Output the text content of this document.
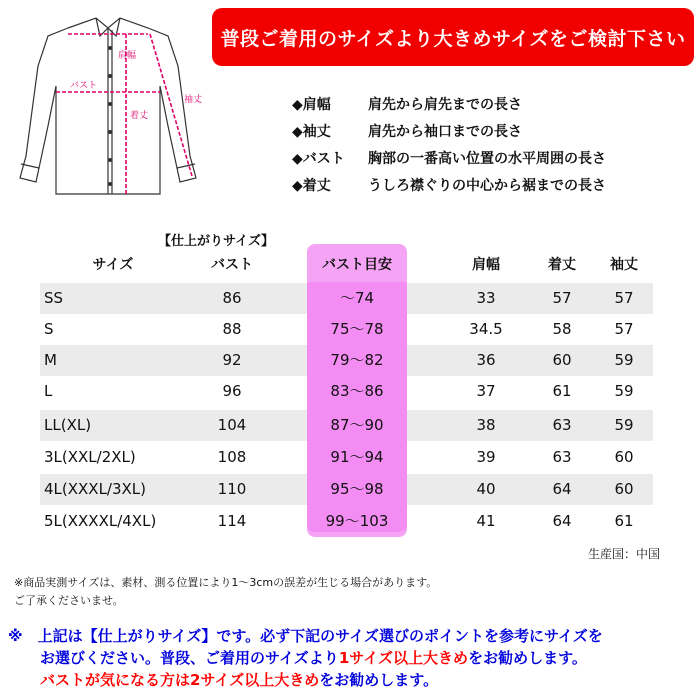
普段ご着用のサイズより大きめサイズをご検討下さい
肩幅
バスト
着丈
袖丈	◆肩幅	肩先から肩先までの長さ
◆袖丈	肩先から袖口までの長さ
◆バスト	胸部の一番高い位置の水平周囲の長さ
◆着丈	うしろ襟ぐりの中心から裾までの長さ
【仕上がりサイズ】
サイズ	バスト	バスト目安	肩幅	着丈	袖丈
SS	86	～74	33	57	57
S	88	75～78	34.5	58	57
M	92	79～82	36	60	59
L	96	83～86	37	61	59
LL(XL)	104	87～90	38	63	59
3L(XXL/2XL)	108	91～94	39	63	60
4L(XXXL/3XL)	110	95～98	40	64	60
5L(XXXXL/4XL)	114	99～103	41	64	61
生産国：中国
※商品実測サイズは、素材、測る位置により1～3cmの誤差が生じる場合があります。
ご了承くださいませ。
※　上記は【仕上がりサイズ】です。必ず下記のサイズ選びのポイントを参考にサイズを
お選びください。普段、ご着用のサイズより1サイズ以上大きめをお勧めします。
バストが気になる方は2サイズ以上大きめをお勧めします。
